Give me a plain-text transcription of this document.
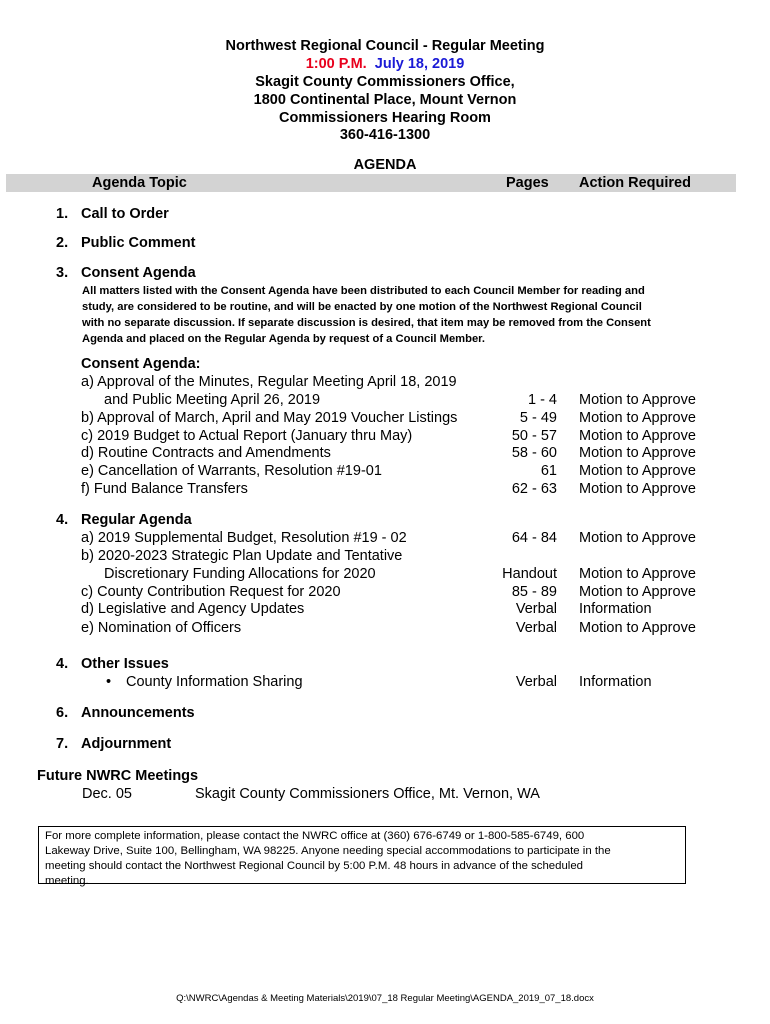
Northwest Regional Council - Regular Meeting
1:00 P.M. July 18, 2019
Skagit County Commissioners Office,
1800 Continental Place, Mount Vernon
Commissioners Hearing Room
360-416-1300
AGENDA
Agenda Topic	Pages Action Required
1. Call to Order
2. Public Comment
3. Consent Agenda
All matters listed with the Consent Agenda have been distributed to each Council Member for reading and
study, are considered to be routine, and will be enacted by one motion of the Northwest Regional Council
with no separate discussion. If separate discussion is desired, that item may be removed from the Consent
Agenda and placed on the Regular Agenda by request of a Council Member.
Consent Agenda:
a) Approval of the Minutes, Regular Meeting April 18, 2019
and Public Meeting April 26, 2019	1 - 4 Motion to Approve
b) Approval of March, April and May 2019 Voucher Listings	5 - 49 Motion to Approve
c) 2019 Budget to Actual Report (January thru May)	50 - 57 Motion to Approve
d) Routine Contracts and Amendments	58 - 60 Motion to Approve
e) Cancellation of Warrants, Resolution #19-01	61 Motion to Approve
f) Fund Balance Transfers	62 - 63 Motion to Approve
4. Regular Agenda
a) 2019 Supplemental Budget, Resolution #19 - 02	64 - 84 Motion to Approve
b) 2020-2023 Strategic Plan Update and Tentative
Discretionary Funding Allocations for 2020	Handout Motion to Approve
c) County Contribution Request for 2020	85 - 89 Motion to Approve
d) Legislative and Agency Updates	Verbal Information
e) Nomination of Officers	Verbal Motion to Approve
4. Other Issues
• County Information Sharing	Verbal Information
6. Announcements
7. Adjournment
Future NWRC Meetings
Dec. 05	Skagit County Commissioners Office, Mt. Vernon, WA
For more complete information, please contact the NWRC office at (360) 676-6749 or 1-800-585-6749, 600
Lakeway Drive, Suite 100, Bellingham, WA 98225. Anyone needing special accommodations to participate in the
meeting should contact the Northwest Regional Council by 5:00 P.M. 48 hours in advance of the scheduled
meeting.
Q:\NWRC\Agendas & Meeting Materials\2019\07_18 Regular Meeting\AGENDA_2019_07_18.docx
